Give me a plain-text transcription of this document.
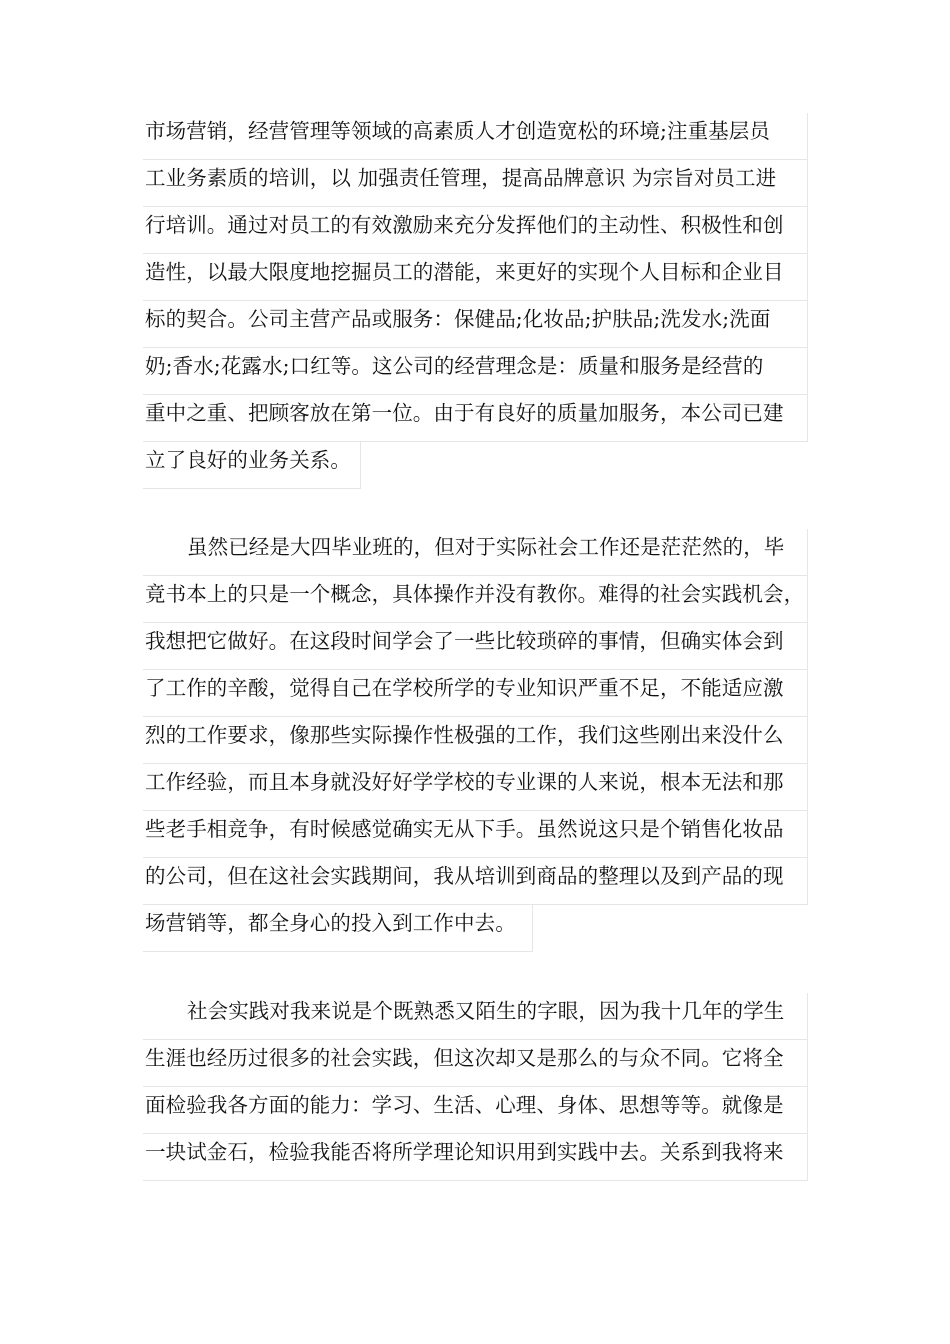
市场营销，经营管理等领域的高素质人才创造宽松的环境;注重基层员
工业务素质的培训，以 加强责任管理，提高品牌意识 为宗旨对员工进
行培训。通过对员工的有效激励来充分发挥他们的主动性、积极性和创
造性，以最大限度地挖掘员工的潜能，来更好的实现个人目标和企业目
标的契合。公司主营产品或服务：保健品;化妆品;护肤品;洗发水;洗面
奶;香水;花露水;口红等。这公司的经营理念是：质量和服务是经营的
重中之重、把顾客放在第一位。由于有良好的质量加服务，本公司已建
立了良好的业务关系。
虽然已经是大四毕业班的，但对于实际社会工作还是茫茫然的，毕
竟书本上的只是一个概念，具体操作并没有教你。难得的社会实践机会，
我想把它做好。在这段时间学会了一些比较琐碎的事情，但确实体会到
了工作的辛酸，觉得自己在学校所学的专业知识严重不足，不能适应激
烈的工作要求，像那些实际操作性极强的工作，我们这些刚出来没什么
工作经验，而且本身就没好好学学校的专业课的人来说，根本无法和那
些老手相竞争，有时候感觉确实无从下手。虽然说这只是个销售化妆品
的公司，但在这社会实践期间，我从培训到商品的整理以及到产品的现
场营销等，都全身心的投入到工作中去。
社会实践对我来说是个既熟悉又陌生的字眼，因为我十几年的学生
生涯也经历过很多的社会实践，但这次却又是那么的与众不同。它将全
面检验我各方面的能力：学习、生活、心理、身体、思想等等。就像是
一块试金石，检验我能否将所学理论知识用到实践中去。关系到我将来
